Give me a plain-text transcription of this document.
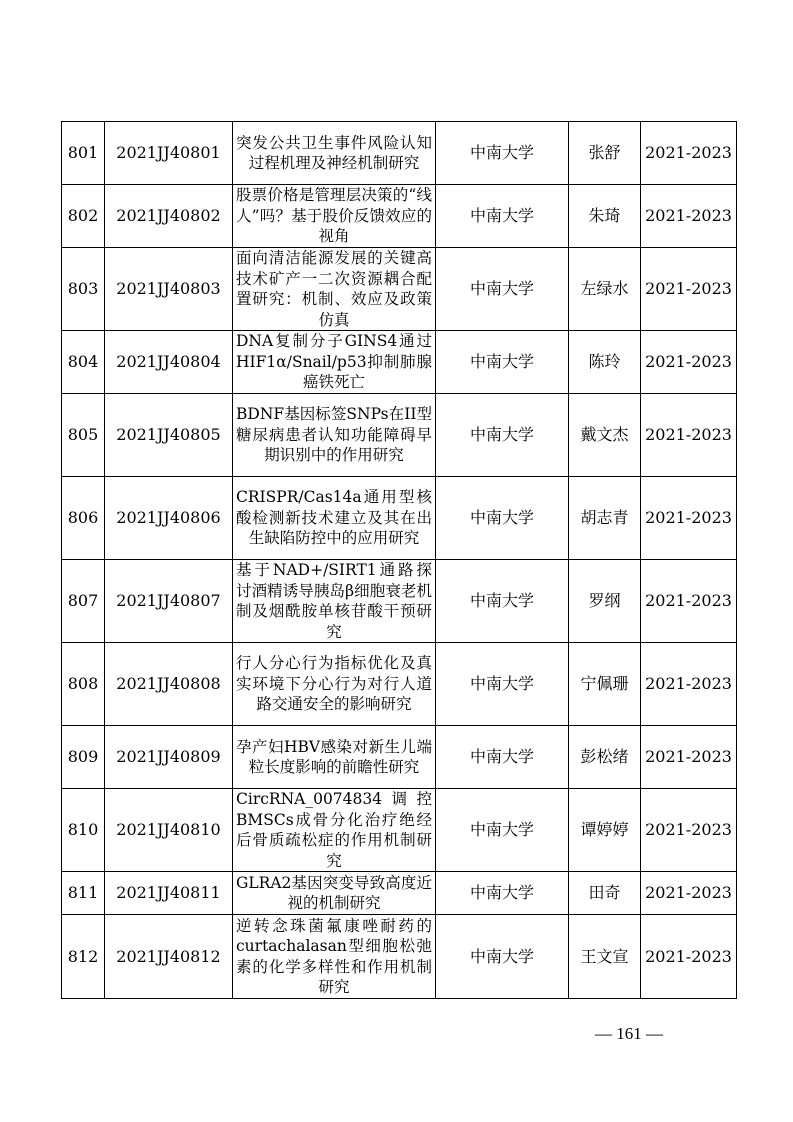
801	2021JJ40801	突发公共卫生事件风险认知过程机理及神经机制研究	中南大学	张舒	2021-2023
802	2021JJ40802	股票价格是管理层决策的“线人”吗？基于股价反馈效应的视角	中南大学	朱琦	2021-2023
803	2021JJ40803	面向清洁能源发展的关键高技术矿产一二次资源耦合配置研究：机制、效应及政策仿真	中南大学	左绿水	2021-2023
804	2021JJ40804	DNA复制分子GINS4通过HIF1α/Snail/p53抑制肺腺癌铁死亡	中南大学	陈玲	2021-2023
805	2021JJ40805	BDNF基因标签SNPs在II型糖尿病患者认知功能障碍早期识别中的作用研究	中南大学	戴文杰	2021-2023
806	2021JJ40806	CRISPR/Cas14a通用型核酸检测新技术建立及其在出生缺陷防控中的应用研究	中南大学	胡志青	2021-2023
807	2021JJ40807	基于NAD+/SIRT1通路探讨酒精诱导胰岛β细胞衰老机制及烟酰胺单核苷酸干预研究	中南大学	罗纲	2021-2023
808	2021JJ40808	行人分心行为指标优化及真实环境下分心行为对行人道路交通安全的影响研究	中南大学	宁佩珊	2021-2023
809	2021JJ40809	孕产妇HBV感染对新生儿端粒长度影响的前瞻性研究	中南大学	彭松绪	2021-2023
810	2021JJ40810	CircRNA_0074834调控BMSCs成骨分化治疗绝经后骨质疏松症的作用机制研究	中南大学	谭婷婷	2021-2023
811	2021JJ40811	GLRA2基因突变导致高度近视的机制研究	中南大学	田奇	2021-2023
812	2021JJ40812	逆转念珠菌氟康唑耐药的curtachalasan型细胞松弛素的化学多样性和作用机制研究	中南大学	王文宣	2021-2023
— 161 —
